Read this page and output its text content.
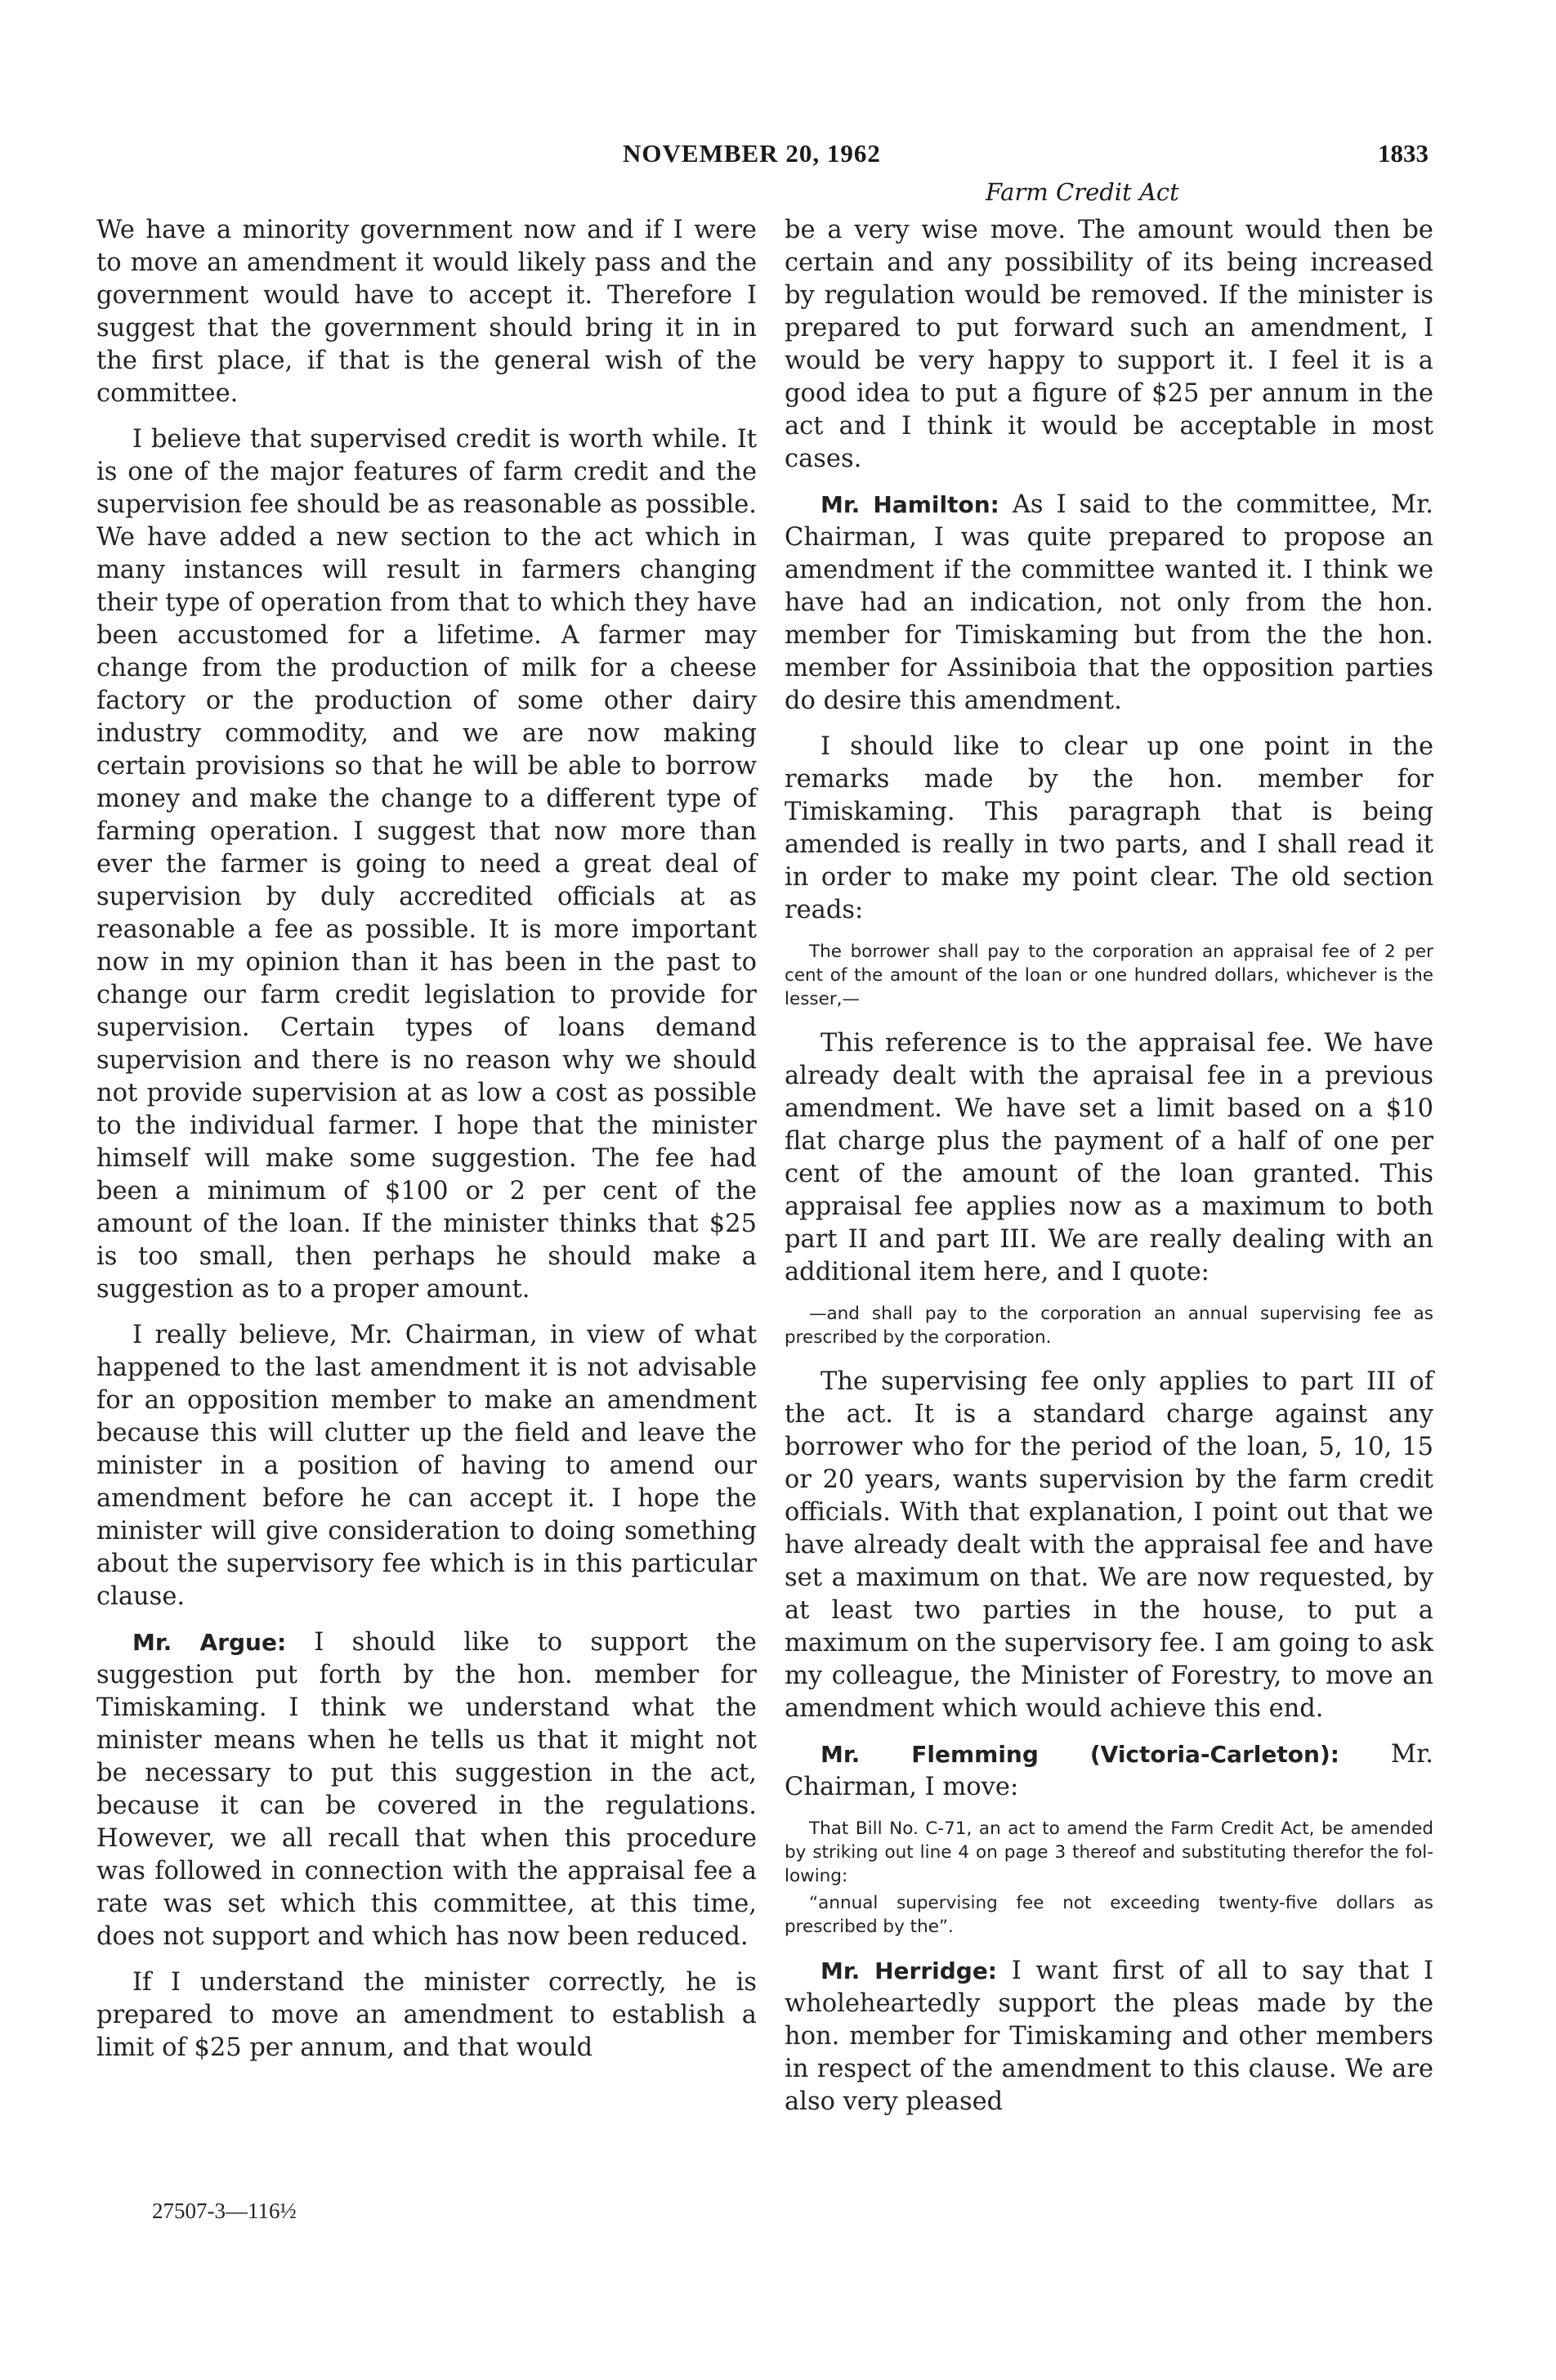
NOVEMBER 20, 1962	1833
Farm Credit Act

We have a minority government now and if I were to move an amendment it would likely pass and the government would have to accept it. Therefore I suggest that the government should bring it in in the first place, if that is the general wish of the committee.

I believe that supervised credit is worth while. It is one of the major features of farm credit and the supervision fee should be as reasonable as possible. We have added a new section to the act which in many instances will result in farmers changing their type of operation from that to which they have been accustomed for a lifetime. A farmer may change from the production of milk for a cheese factory or the production of some other dairy industry commodity, and we are now making certain provisions so that he will be able to borrow money and make the change to a different type of farming operation. I suggest that now more than ever the farmer is going to need a great deal of supervision by duly accredited officials at as reasonable a fee as possible. It is more important now in my opinion than it has been in the past to change our farm credit legislation to provide for supervision. Certain types of loans demand supervision and there is no reason why we should not provide supervision at as low a cost as possible to the individual farmer. I hope that the minister himself will make some suggestion. The fee had been a minimum of $100 or 2 per cent of the amount of the loan. If the minister thinks that $25 is too small, then perhaps he should make a suggestion as to a proper amount.

I really believe, Mr. Chairman, in view of what happened to the last amendment it is not advisable for an opposition member to make an amendment because this will clutter up the field and leave the minister in a position of having to amend our amendment before he can accept it. I hope the minister will give consideration to doing something about the supervisory fee which is in this particular clause.

Mr. Argue: I should like to support the suggestion put forth by the hon. member for Timiskaming. I think we understand what the minister means when he tells us that it might not be necessary to put this suggestion in the act, because it can be covered in the regulations. However, we all recall that when this procedure was followed in connection with the appraisal fee a rate was set which this committee, at this time, does not support and which has now been reduced.

If I understand the minister correctly, he is prepared to move an amendment to establish a limit of $25 per annum, and that would

be a very wise move. The amount would then be certain and any possibility of its being increased by regulation would be removed. If the minister is prepared to put forward such an amendment, I would be very happy to support it. I feel it is a good idea to put a figure of $25 per annum in the act and I think it would be acceptable in most cases.

Mr. Hamilton: As I said to the committee, Mr. Chairman, I was quite prepared to propose an amendment if the committee wanted it. I think we have had an indication, not only from the hon. member for Timiskaming but from the the hon. member for Assiniboia that the opposition parties do desire this amendment.

I should like to clear up one point in the remarks made by the hon. member for Timiskaming. This paragraph that is being amended is really in two parts, and I shall read it in order to make my point clear. The old section reads:

The borrower shall pay to the corporation an appraisal fee of 2 per cent of the amount of the loan or one hundred dollars, whichever is the lesser,—

This reference is to the appraisal fee. We have already dealt with the apraisal fee in a previous amendment. We have set a limit based on a $10 flat charge plus the payment of a half of one per cent of the amount of the loan granted. This appraisal fee applies now as a maximum to both part II and part III. We are really dealing with an additional item here, and I quote:

—and shall pay to the corporation an annual supervising fee as prescribed by the corporation.

The supervising fee only applies to part III of the act. It is a standard charge against any borrower who for the period of the loan, 5, 10, 15 or 20 years, wants supervision by the farm credit officials. With that explanation, I point out that we have already dealt with the appraisal fee and have set a maximum on that. We are now requested, by at least two parties in the house, to put a maximum on the supervisory fee. I am going to ask my colleague, the Minister of Forestry, to move an amendment which would achieve this end.

Mr. Flemming (Victoria-Carleton): Mr. Chairman, I move:

That Bill No. C-71, an act to amend the Farm Credit Act, be amended by striking out line 4 on page 3 thereof and substituting therefor the following:
“annual supervising fee not exceeding twenty-five dollars as prescribed by the”.

Mr. Herridge: I want first of all to say that I wholeheartedly support the pleas made by the hon. member for Timiskaming and other members in respect of the amendment to this clause. We are also very pleased

27507-3—116½
